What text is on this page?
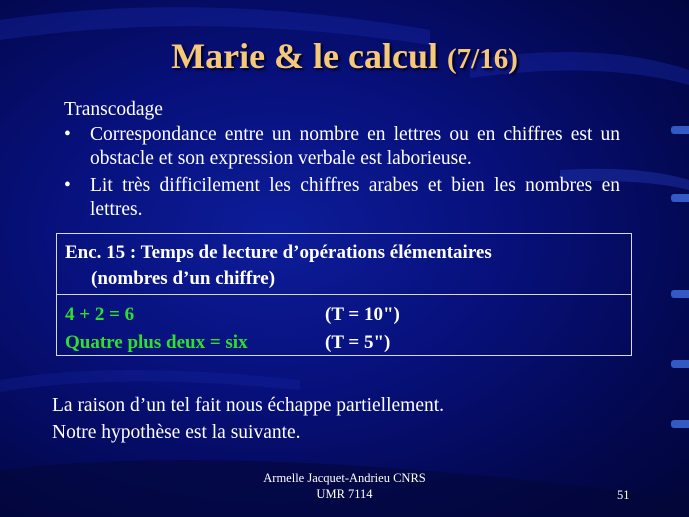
Marie & le calcul (7/16)
Transcodage
• Correspondance entre un nombre en lettres ou en chiffres est un obstacle et son expression verbale est laborieuse.
• Lit très difficilement les chiffres arabes et bien les nombres en lettres.
Enc. 15 : Temps de lecture d’opérations élémentaires
(nombres d’un chiffre)
4 + 2 = 6	(T = 10")
Quatre plus deux = six	(T = 5")
La raison d’un tel fait nous échappe partiellement.
Notre hypothèse est la suivante.
Armelle Jacquet-Andrieu CNRS
UMR 7114	51
